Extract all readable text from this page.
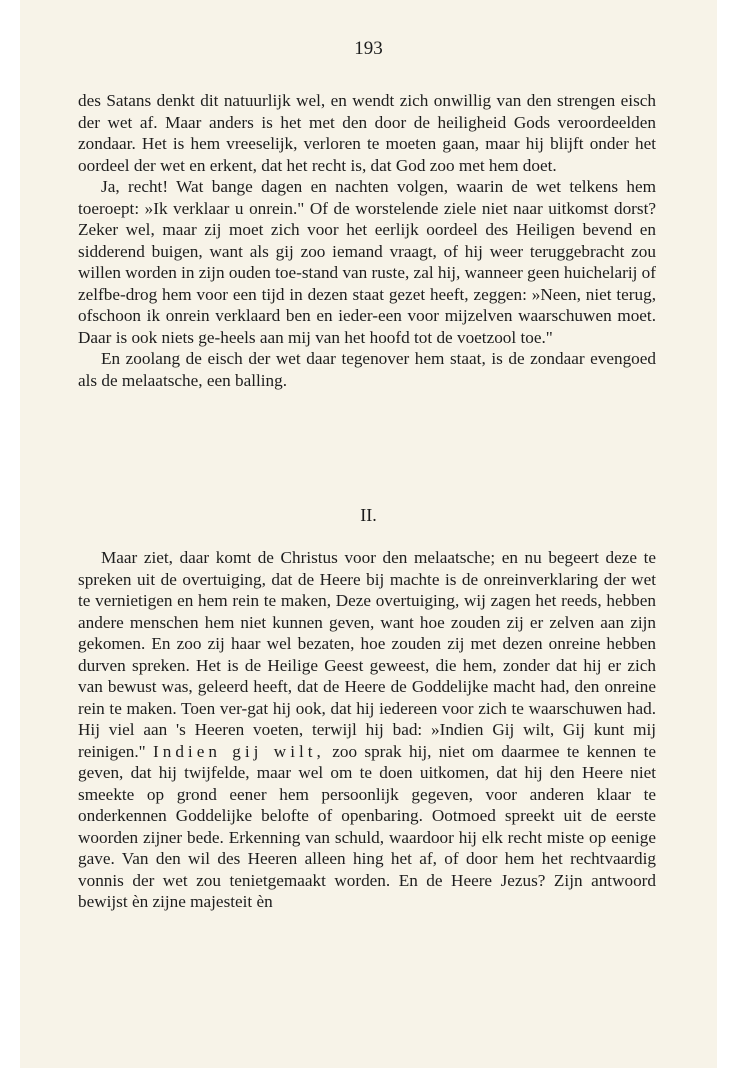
193

des Satans denkt dit natuurlijk wel, en wendt zich onwillig van den strengen eisch der wet af. Maar anders is het met den door de heiligheid Gods veroordeelden zondaar. Het is hem vreeselijk, verloren te moeten gaan, maar hij blijft onder het oordeel der wet en erkent, dat het recht is, dat God zoo met hem doet.

Ja, recht! Wat bange dagen en nachten volgen, waarin de wet telkens hem toeroept: »Ik verklaar u onrein." Of de worstelende ziele niet naar uitkomst dorst? Zeker wel, maar zij moet zich voor het eerlijk oordeel des Heiligen bevend en sidderend buigen, want als gij zoo iemand vraagt, of hij weer teruggebracht zou willen worden in zijn ouden toe-stand van ruste, zal hij, wanneer geen huichelarij of zelfbe-drog hem voor een tijd in dezen staat gezet heeft, zeggen: »Neen, niet terug, ofschoon ik onrein verklaard ben en ieder-een voor mijzelven waarschuwen moet. Daar is ook niets ge-heels aan mij van het hoofd tot de voetzool toe."

En zoolang de eisch der wet daar tegenover hem staat, is de zondaar evengoed als de melaatsche, een balling.

II.

Maar ziet, daar komt de Christus voor den melaatsche; en nu begeert deze te spreken uit de overtuiging, dat de Heere bij machte is de onreinverklaring der wet te vernietigen en hem rein te maken, Deze overtuiging, wij zagen het reeds, hebben andere menschen hem niet kunnen geven, want hoe zouden zij er zelven aan zijn gekomen. En zoo zij haar wel bezaten, hoe zouden zij met dezen onreine hebben durven spreken. Het is de Heilige Geest geweest, die hem, zonder dat hij er zich van bewust was, geleerd heeft, dat de Heere de Goddelijke macht had, den onreine rein te maken. Toen ver-gat hij ook, dat hij iedereen voor zich te waarschuwen had. Hij viel aan 's Heeren voeten, terwijl hij bad: »Indien Gij wilt, Gij kunt mij reinigen." Indien gij wilt, zoo sprak hij, niet om daarmee te kennen te geven, dat hij twijfelde, maar wel om te doen uitkomen, dat hij den Heere niet smeekte op grond eener hem persoonlijk gegeven, voor anderen klaar te onderkennen Goddelijke belofte of openbaring. Ootmoed spreekt uit de eerste woorden zijner bede. Erkenning van schuld, waardoor hij elk recht miste op eenige gave. Van den wil des Heeren alleen hing het af, of door hem het rechtvaardig vonnis der wet zou tenietgemaakt worden. En de Heere Jezus? Zijn antwoord bewijst èn zijne majesteit èn
